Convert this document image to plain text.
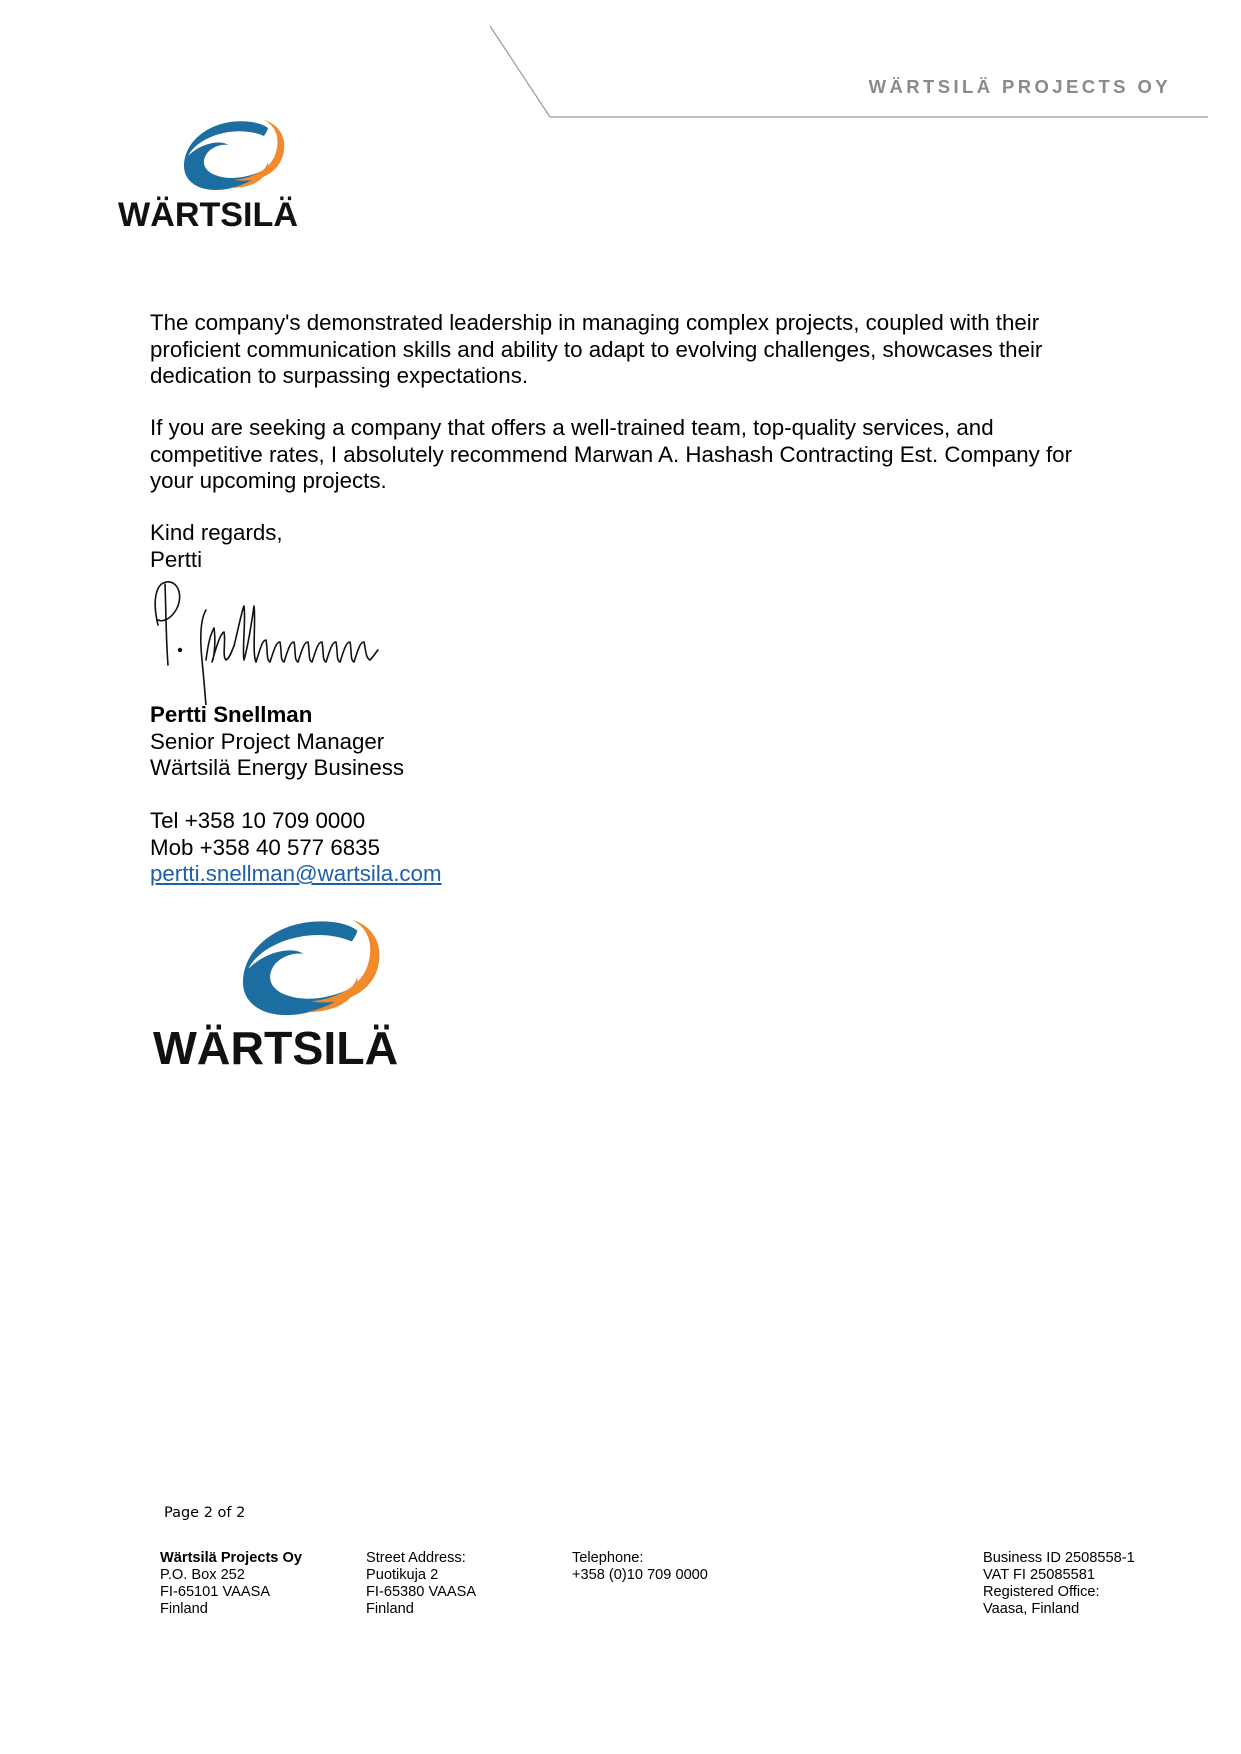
WÄRTSILÄ PROJECTS OY
WÄRTSILÄ

The company's demonstrated leadership in managing complex projects, coupled with their proficient communication skills and ability to adapt to evolving challenges, showcases their dedication to surpassing expectations.

If you are seeking a company that offers a well-trained team, top-quality services, and competitive rates, I absolutely recommend Marwan A. Hashash Contracting Est. Company for your upcoming projects.

Kind regards,
Pertti
Pertti Snellman
Senior Project Manager
Wärtsilä Energy Business
Tel +358 10 709 0000
Mob +358 40 577 6835
pertti.snellman@wartsila.com
WÄRTSILÄ
Page 2 of 2
Wärtsilä Projects Oy
P.O. Box 252
FI-65101 VAASA
Finland
Street Address:
Puotikuja 2
FI-65380 VAASA
Finland
Telephone:
+358 (0)10 709 0000
Business ID 2508558-1
VAT FI 25085581
Registered Office:
Vaasa, Finland
